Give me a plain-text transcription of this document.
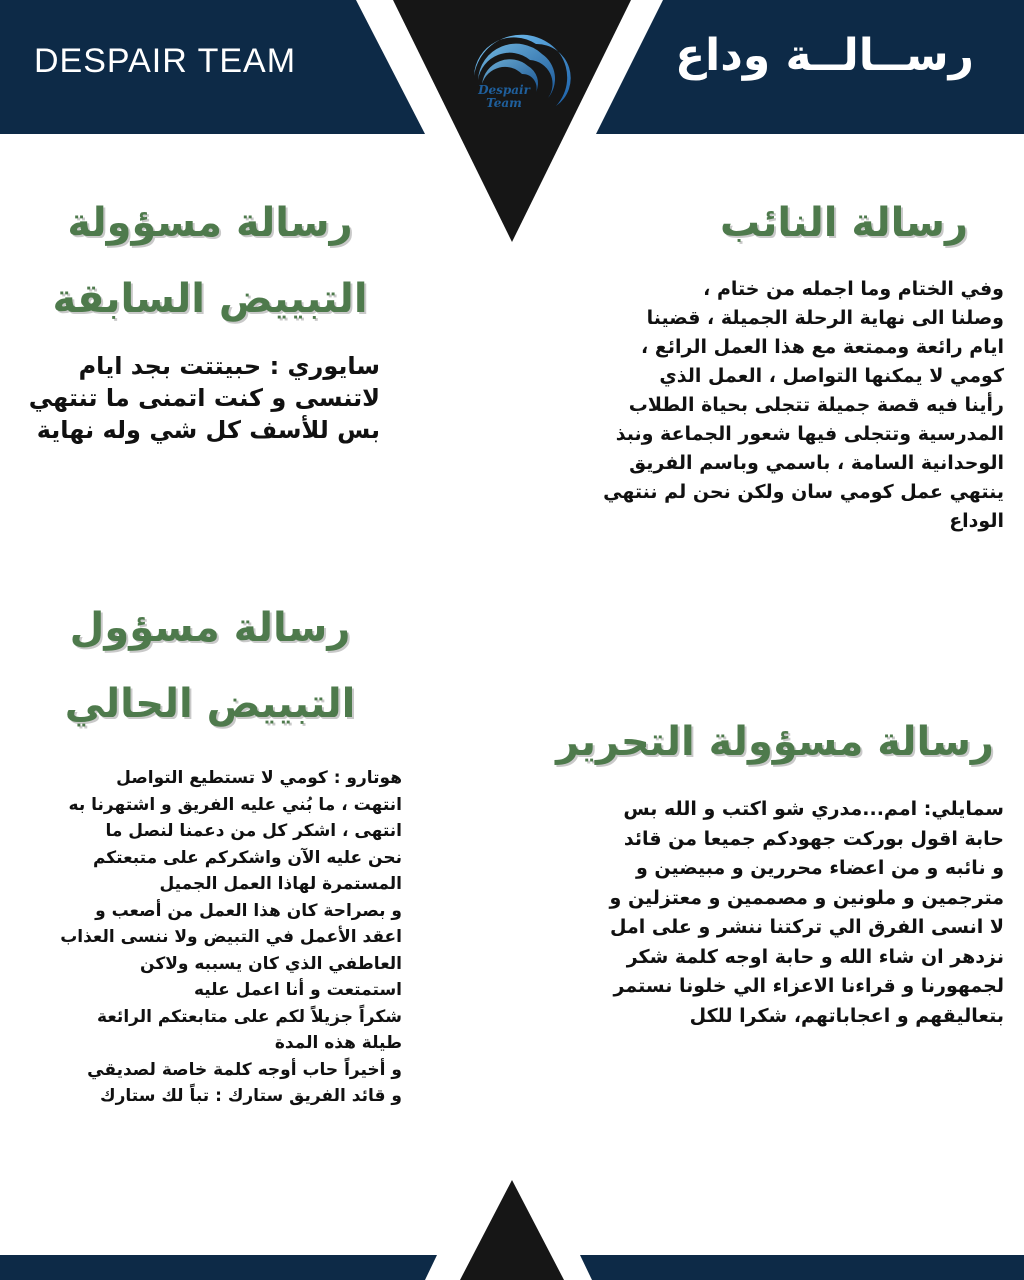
DESPAIR TEAM	رســالــة وداع
Despair
Team
رسالة النائب
وفي الختام وما اجمله من ختام ،
وصلنا الى نهاية الرحلة الجميلة ، قضينا
ايام رائعة وممتعة مع هذا العمل الرائع ،
كومي لا يمكنها التواصل ، العمل الذي
رأينا فيه قصة جميلة تتجلى بحياة الطلاب
المدرسية وتتجلى فيها شعور الجماعة ونبذ
الوحدانية السامة ، باسمي وباسم الفريق
ينتهي عمل كومي سان ولكن نحن لم ننتهي
الوداع
رسالة مسؤولة
التبييض السابقة
سايوري : حبيتتت بجد ايام
لاتنسى و كنت اتمنى ما تنتهي
بس للأسف كل شي وله نهاية
رسالة مسؤول
التبييض الحالي
هوتارو : كومي لا تستطيع التواصل
انتهت ، ما بُني عليه الفريق و اشتهرنا به
انتهى ، اشكر كل من دعمنا لنصل ما
نحن عليه الآن واشكركم على متبعتكم
المستمرة لهاذا العمل الجميل
و بصراحة كان هذا العمل من أصعب و
اعقد الأعمل في التبيض ولا ننسى العذاب
العاطفي الذي كان يسببه ولاكن
استمتعت و أنا اعمل عليه
شكراً جزيلاً لكم على متابعتكم الرائعة
طيلة هذه المدة
و أخيراً حاب أوجه كلمة خاصة لصديقي
و قائد الفريق ستارك : تباً لك ستارك
رسالة مسؤولة التحرير
سمايلي: امم...مدري شو اكتب و الله بس
حابة اقول بوركت جهودكم جميعا من قائد
و نائبه و من اعضاء محررين و مبيضين و
مترجمين و ملونين و مصممين و معتزلين و
لا انسى الفرق الي تركتنا ننشر و على امل
نزدهر ان شاء الله و حابة اوجه كلمة شكر
لجمهورنا و قراءنا الاعزاء الي خلونا نستمر
بتعاليقهم و اعجاباتهم، شكرا للكل
